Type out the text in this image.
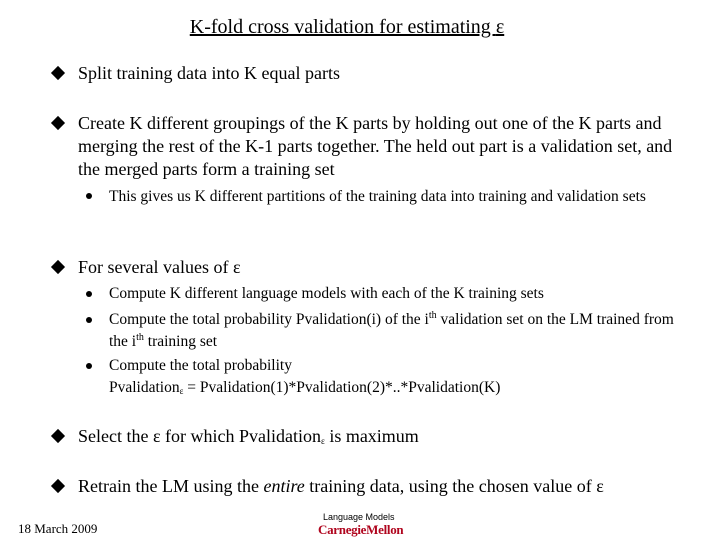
K-fold cross validation for estimating ε
Split training data into K equal parts
Create K different groupings of the K parts by holding out one of the K parts and merging the rest of the K-1 parts together. The held out part is a validation set, and the merged parts form a training set
This gives us K different partitions of the training data into training and validation sets
For several values of ε
Compute K different language models with each of the K training sets
Compute the total probability Pvalidation(i) of the $i^{th}$ validation set on the LM trained from the $i^{th}$ training set
Compute the total probability
Pvalidation$_\varepsilon$ = Pvalidation(1)*Pvalidation(2)*..*Pvalidation(K)
Select the ε for which Pvalidation$_\varepsilon$ is maximum
Retrain the LM using the entire training data, using the chosen value of ε
18 March 2009
Language Models
CarnegieMellon
